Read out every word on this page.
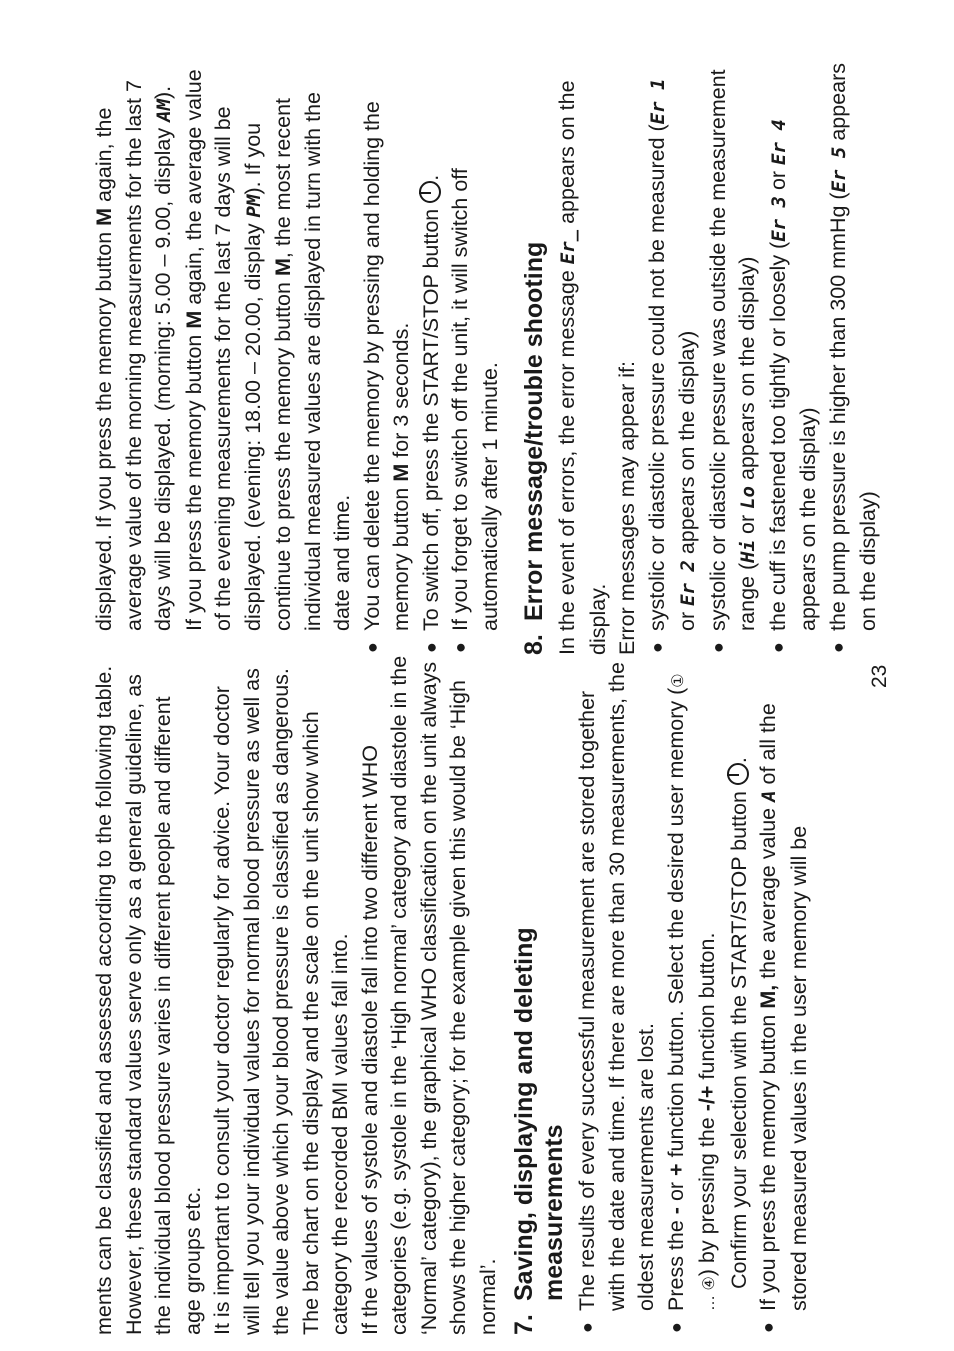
ments can be classified and assessed according to the following table. However, these standard values serve only as a general guideline, as the individual blood pressure varies in different people and different age groups etc. It is important to consult your doctor regularly for advice. Your doctor will tell you your individual values for normal blood pressure as well as the value above which your blood pressure is classified as dangerous. The bar chart on the display and the scale on the unit show which category the recorded BMI values fall into. If the values of systole and diastole fall into two different WHO categories (e.g. systole in the ‘High normal’ category and diastole in the ‘Normal’ category), the graphical WHO classification on the unit always shows the higher category; for the example given this would be ‘High normal’. 7.Saving, displaying and deleting measurements
●
The results of every successful measurement are stored together with the date and time. If there are more than 30 measurements, the oldest measurements are lost.
●
Press the - or + function button. Select the desired user memory (① … ④) by pressing the -/+ function button. Confirm your selection with the START/STOP button .
●
If you press the memory button M, the average value A of all the stored measured values in the user memory will be

displayed. If you press the memory button M again, the average value of the morning measurements for the last 7 days will be displayed. (morning: 5.00 – 9.00, display AM).

If you press the memory button M again, the average value of the evening measurements for the last 7 days will be displayed. (evening: 18.00 – 20.00, display PM). If you continue to press the memory button M, the most recent individual measured values are displayed in turn with the date and time.

●
You can delete the memory by pressing and holding the memory button M for 3 seconds.
●
To switch off, press the START/STOP button .
●
If you forget to switch off the unit, it will switch off automatically after 1 minute.
8.Error message/trouble shooting In the event of errors, the error message Er_ appears on the display. Error messages may appear if: ●
systolic or diastolic pressure could not be measured (Er 1 or Er 2 appears on the display)
●
systolic or diastolic pressure was outside the measurement range (Hi or Lo appears on the display)
●
the cuff is fastened too tightly or loosely (Er 3 or Er 4 appears on the display)
●
the pump pressure is higher than 300 mmHg (Er 5 appears on the display)
23
